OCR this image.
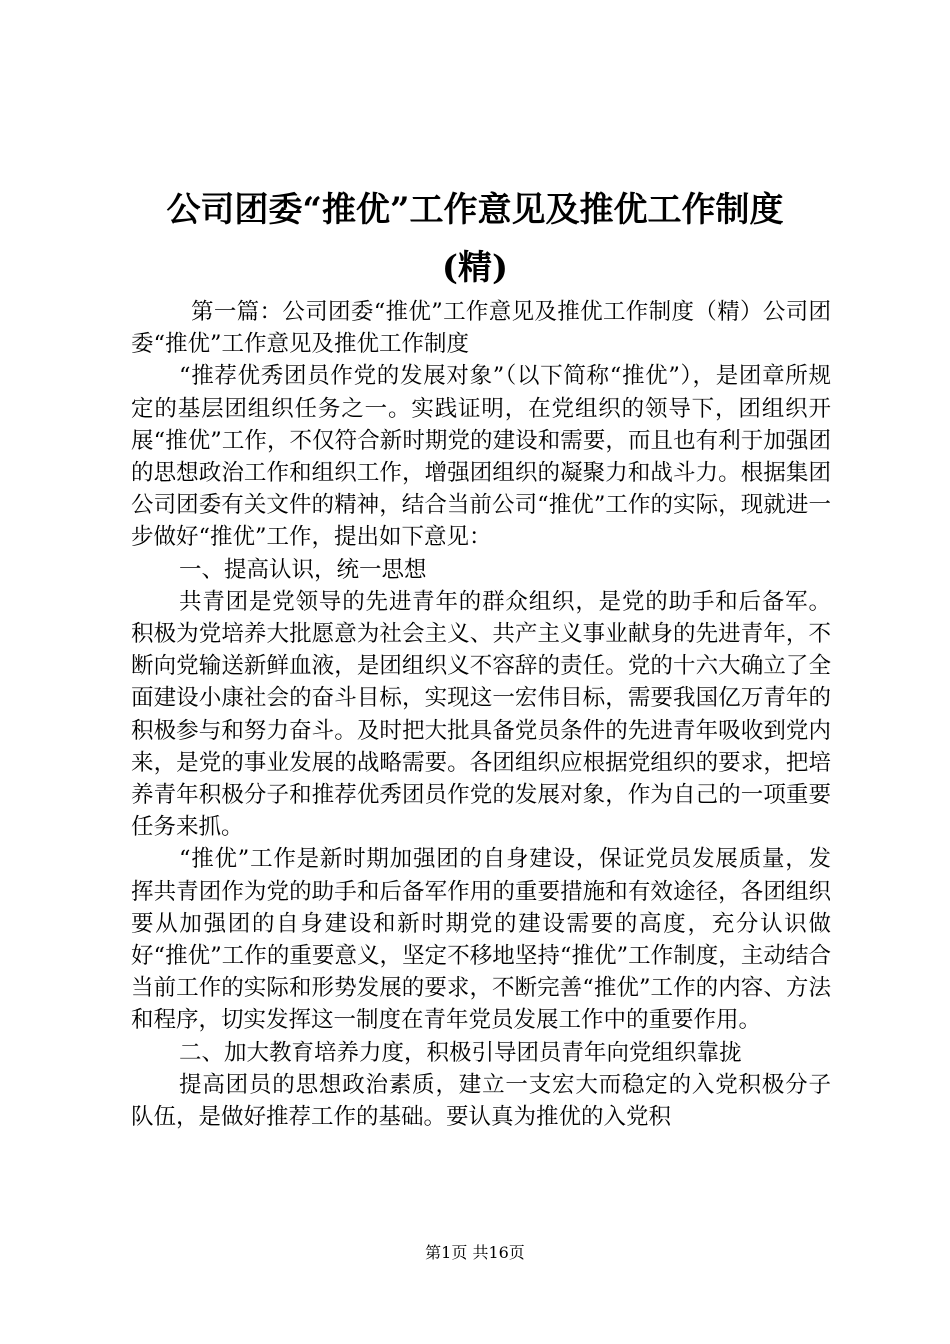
公司团委“推优”工作意见及推优工作制度
(精)

第一篇：公司团委“推优”工作意见及推优工作制度（精）公司团委“推优”工作意见及推优工作制度

“推荐优秀团员作党的发展对象”（以下简称“推优”），是团章所规定的基层团组织任务之一。实践证明，在党组织的领导下，团组织开展“推优”工作，不仅符合新时期党的建设和需要，而且也有利于加强团的思想政治工作和组织工作，增强团组织的凝聚力和战斗力。根据集团公司团委有关文件的精神，结合当前公司“推优”工作的实际，现就进一步做好“推优”工作，提出如下意见：

一、提高认识，统一思想

共青团是党领导的先进青年的群众组织，是党的助手和后备军。积极为党培养大批愿意为社会主义、共产主义事业献身的先进青年，不断向党输送新鲜血液，是团组织义不容辞的责任。党的十六大确立了全面建设小康社会的奋斗目标，实现这一宏伟目标，需要我国亿万青年的积极参与和努力奋斗。及时把大批具备党员条件的先进青年吸收到党内来，是党的事业发展的战略需要。各团组织应根据党组织的要求，把培养青年积极分子和推荐优秀团员作党的发展对象，作为自己的一项重要任务来抓。

“推优”工作是新时期加强团的自身建设，保证党员发展质量，发挥共青团作为党的助手和后备军作用的重要措施和有效途径，各团组织要从加强团的自身建设和新时期党的建设需要的高度，充分认识做好“推优”工作的重要意义，坚定不移地坚持“推优”工作制度，主动结合当前工作的实际和形势发展的要求，不断完善“推优”工作的内容、方法和程序，切实发挥这一制度在青年党员发展工作中的重要作用。

二、加大教育培养力度，积极引导团员青年向党组织靠拢

提高团员的思想政治素质，建立一支宏大而稳定的入党积极分子队伍，是做好推荐工作的基础。要认真为推优的入党积

第1页 共16页
